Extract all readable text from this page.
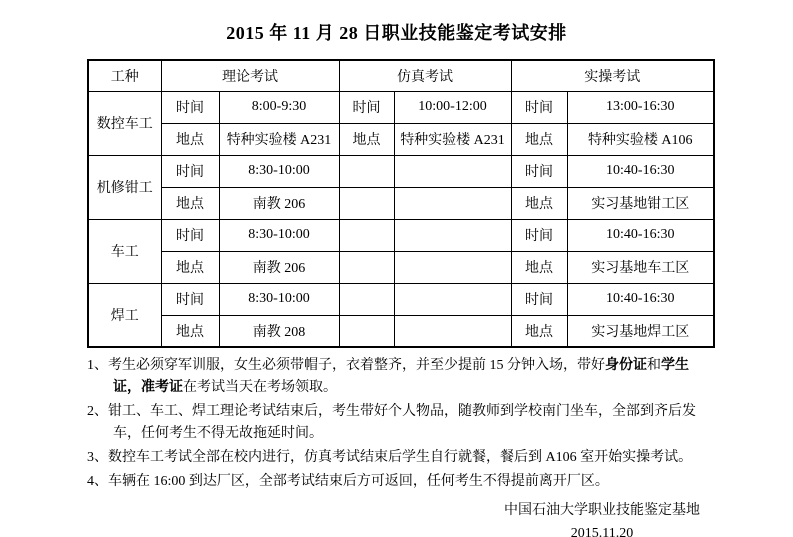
2015 年 11 月 28 日职业技能鉴定考试安排
工种	理论考试		仿真考试		实操考试	
数控车工	时间	8:00-9:30	时间	10:00-12:00	时间	13:00-16:30
	地点	特种实验楼 A231	地点	特种实验楼 A231	地点	特种实验楼 A106
机修钳工	时间	8:30-10:00			时间	10:40-16:30
	地点	南教 206			地点	实习基地钳工区
车工	时间	8:30-10:00			时间	10:40-16:30
	地点	南教 206			地点	实习基地车工区
焊工	时间	8:30-10:00			时间	10:40-16:30
	地点	南教 208			地点	实习基地焊工区
1、考生必须穿军训服，女生必须带帽子，衣着整齐，并至少提前 15 分钟入场，带好身份证和学生证，准考证在考试当天在考场领取。
2、钳工、车工、焊工理论考试结束后，考生带好个人物品，随教师到学校南门坐车，全部到齐后发车，任何考生不得无故拖延时间。
3、数控车工考试全部在校内进行，仿真考试结束后学生自行就餐，餐后到 A106 室开始实操考试。
4、车辆在 16:00 到达厂区，全部考试结束后方可返回，任何考生不得提前离开厂区。
中国石油大学职业技能鉴定基地
2015.11.20
